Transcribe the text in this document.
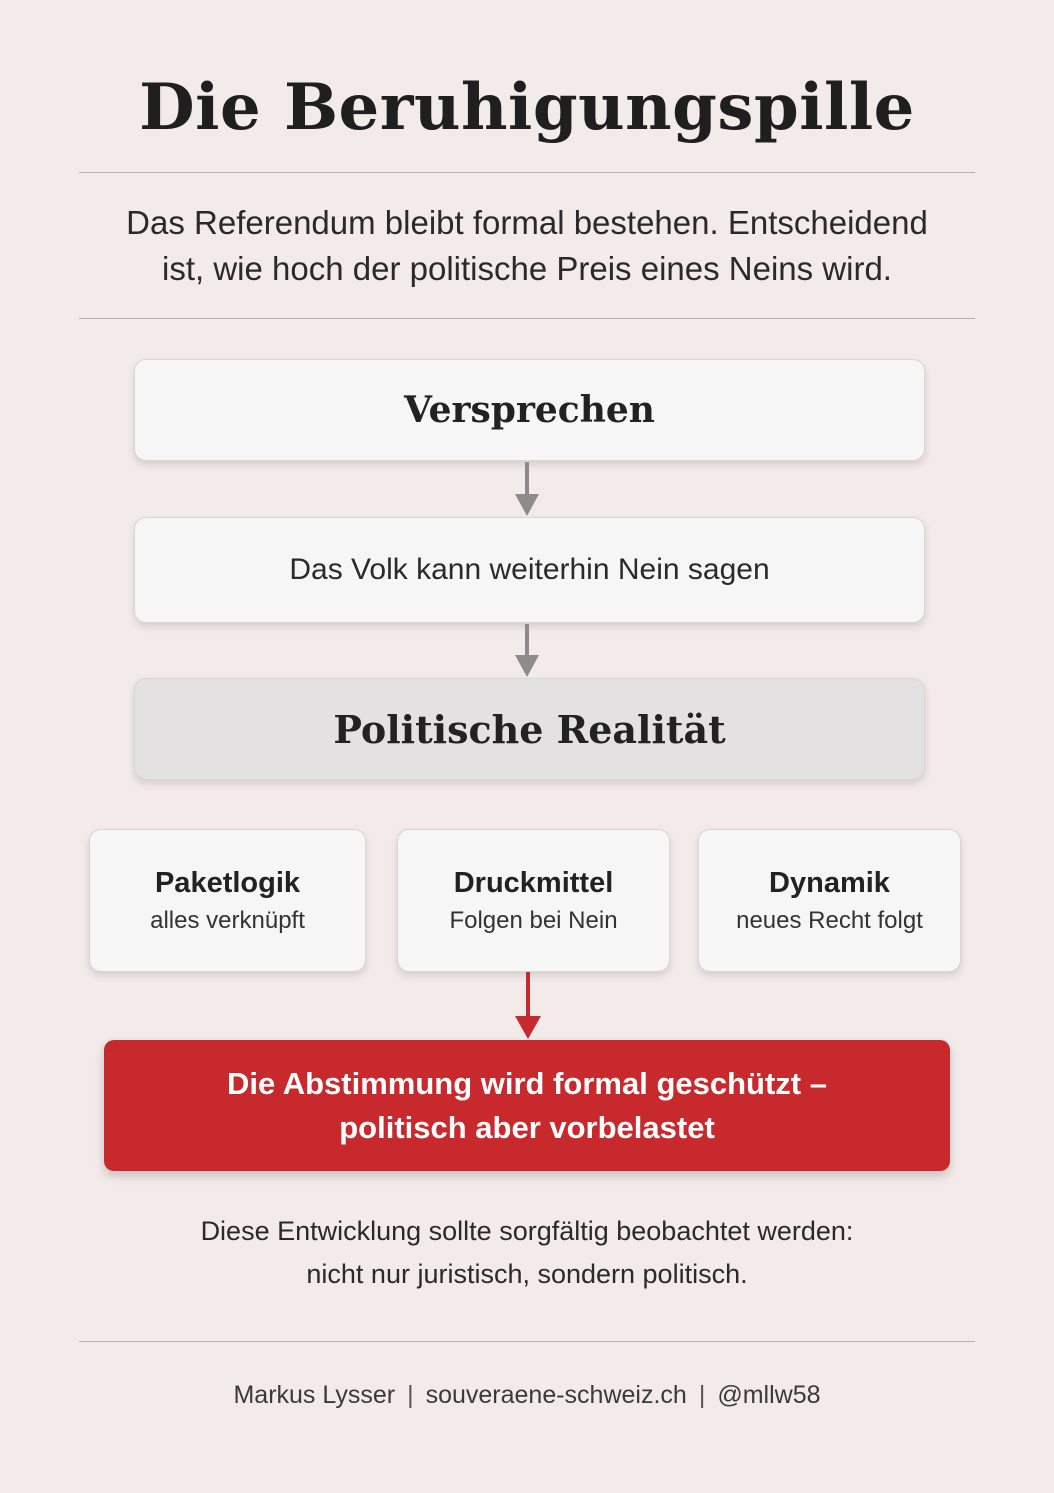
Die Beruhigungspille
Das Referendum bleibt formal bestehen. Entscheidend
ist, wie hoch der politische Preis eines Neins wird.
Versprechen
Das Volk kann weiterhin Nein sagen
Politische Realität
Paketlogik
alles verknüpft
Druckmittel
Folgen bei Nein
Dynamik
neues Recht folgt
Die Abstimmung wird formal geschützt –
politisch aber vorbelastet
Diese Entwicklung sollte sorgfältig beobachtet werden:
nicht nur juristisch, sondern politisch.
Markus Lysser | souveraene-schweiz.ch | @mllw58
